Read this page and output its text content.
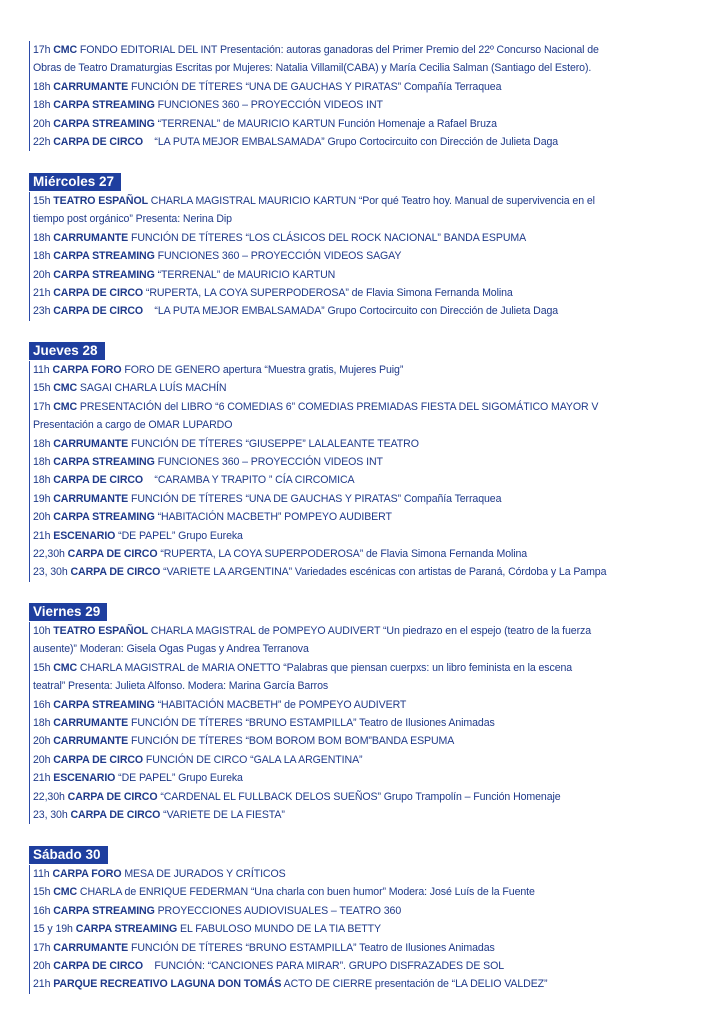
17h CMC FONDO EDITORIAL DEL INT Presentación: autoras ganadoras del Primer Premio del 22º Concurso Nacional de
Obras de Teatro Dramaturgias Escritas por Mujeres: Natalia Villamil(CABA) y María Cecilia Salman (Santiago del Estero).
18h CARRUMANTE FUNCIÓN DE TÍTERES “UNA DE GAUCHAS Y PIRATAS” Compañía Terraquea
18h CARPA STREAMING FUNCIONES 360 – PROYECCIÓN VIDEOS INT
20h CARPA STREAMING “TERRENAL” de MAURICIO KARTUN Función Homenaje a Rafael Bruza
22h CARPA DE CIRCO    “LA PUTA MEJOR EMBALSAMADA” Grupo Cortocircuito con Dirección de Julieta Daga
Miércoles 27
15h TEATRO ESPAÑOL CHARLA MAGISTRAL MAURICIO KARTUN “Por qué Teatro hoy. Manual de supervivencia en el
tiempo post orgánico” Presenta: Nerina Dip
18h CARRUMANTE FUNCIÓN DE TÍTERES “LOS CLÁSICOS DEL ROCK NACIONAL” BANDA ESPUMA
18h CARPA STREAMING FUNCIONES 360 – PROYECCIÓN VIDEOS SAGAY
20h CARPA STREAMING “TERRENAL” de MAURICIO KARTUN
21h CARPA DE CIRCO “RUPERTA, LA COYA SUPERPODEROSA” de Flavia Simona Fernanda Molina
23h CARPA DE CIRCO    “LA PUTA MEJOR EMBALSAMADA” Grupo Cortocircuito con Dirección de Julieta Daga
Jueves 28
11h CARPA FORO FORO DE GENERO apertura “Muestra gratis, Mujeres Puig”
15h CMC SAGAI CHARLA LUÍS MACHÍN
17h CMC PRESENTACIÓN del LIBRO “6 COMEDIAS 6” COMEDIAS PREMIADAS FIESTA DEL SIGOMÁTICO MAYOR V
Presentación a cargo de OMAR LUPARDO
18h CARRUMANTE FUNCIÓN DE TÍTERES “GIUSEPPE” LALALEANTE TEATRO
18h CARPA STREAMING FUNCIONES 360 – PROYECCIÓN VIDEOS INT
18h CARPA DE CIRCO    “CARAMBA Y TRAPITO ” CÍA CIRCOMICA
19h CARRUMANTE FUNCIÓN DE TÍTERES “UNA DE GAUCHAS Y PIRATAS” Compañía Terraquea
20h CARPA STREAMING “HABITACIÓN MACBETH” POMPEYO AUDIBERT
21h ESCENARIO “DE PAPEL” Grupo Eureka
22,30h CARPA DE CIRCO “RUPERTA, LA COYA SUPERPODEROSA” de Flavia Simona Fernanda Molina
23, 30h CARPA DE CIRCO “VARIETE LA ARGENTINA” Variedades escénicas con artistas de Paraná, Córdoba y La Pampa
Viernes 29
10h TEATRO ESPAÑOL CHARLA MAGISTRAL de POMPEYO AUDIVERT “Un piedrazo en el espejo (teatro de la fuerza
ausente)” Moderan: Gisela Ogas Pugas y Andrea Terranova
15h CMC CHARLA MAGISTRAL de MARIA ONETTO “Palabras que piensan cuerpxs: un libro feminista en la escena
teatral” Presenta: Julieta Alfonso. Modera: Marina García Barros
16h CARPA STREAMING “HABITACIÓN MACBETH” de POMPEYO AUDIVERT
18h CARRUMANTE FUNCIÓN DE TÍTERES “BRUNO ESTAMPILLA” Teatro de Ilusiones Animadas
20h CARRUMANTE FUNCIÓN DE TÍTERES “BOM BOROM BOM BOM”BANDA ESPUMA
20h CARPA DE CIRCO FUNCIÓN DE CIRCO “GALA LA ARGENTINA”
21h ESCENARIO “DE PAPEL” Grupo Eureka
22,30h CARPA DE CIRCO “CARDENAL EL FULLBACK DELOS SUEÑOS” Grupo Trampolín – Función Homenaje
23, 30h CARPA DE CIRCO “VARIETE DE LA FIESTA”
Sábado 30
11h CARPA FORO MESA DE JURADOS Y CRÍTICOS
15h CMC CHARLA de ENRIQUE FEDERMAN “Una charla con buen humor” Modera: José Luís de la Fuente
16h CARPA STREAMING PROYECCIONES AUDIOVISUALES – TEATRO 360
15 y 19h CARPA STREAMING EL FABULOSO MUNDO DE LA TIA BETTY
17h CARRUMANTE FUNCIÓN DE TÍTERES “BRUNO ESTAMPILLA” Teatro de Ilusiones Animadas
20h CARPA DE CIRCO    FUNCIÓN: “CANCIONES PARA MIRAR”. GRUPO DISFRAZADES DE SOL
21h PARQUE RECREATIVO LAGUNA DON TOMÁS ACTO DE CIERRE presentación de “LA DELIO VALDEZ”
